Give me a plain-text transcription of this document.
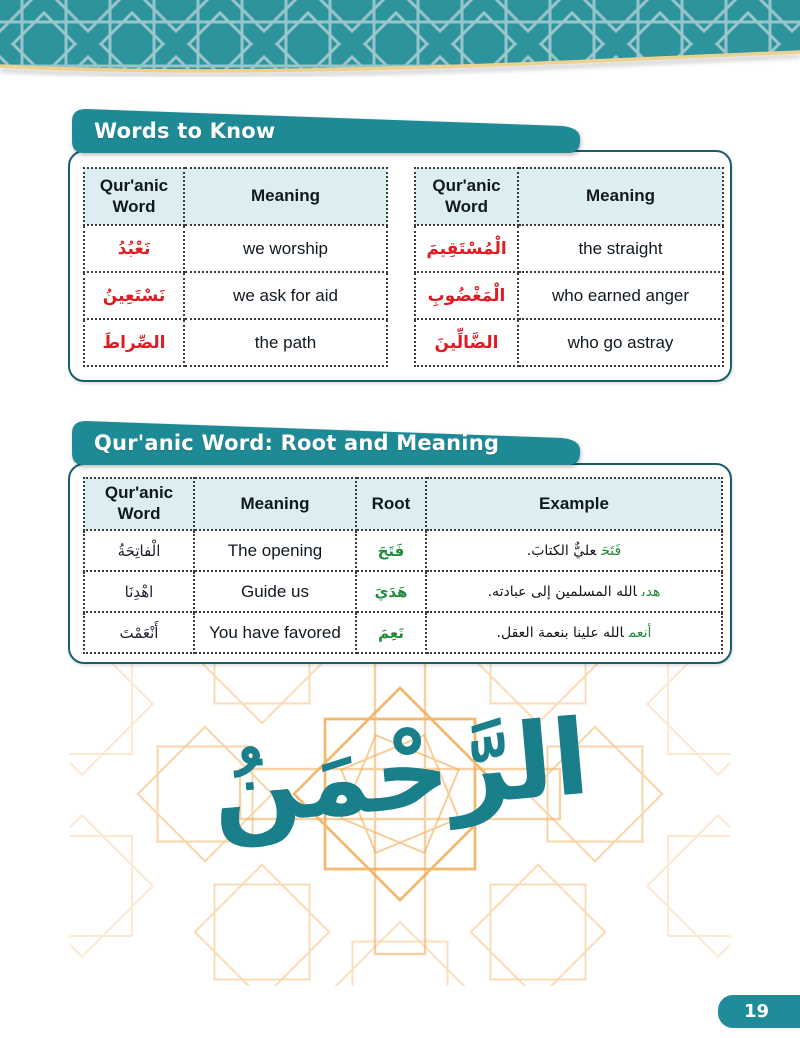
Words to Know
Qur'anic Word	Meaning
نَعْبُدُ	we worship
نَسْتَعِينُ	we ask for aid
الصِّراطَ	the path
Qur'anic Word	Meaning
الْمُسْتَقِيمَ	the straight
الْمَغْضُوبِ	who earned anger
الضَّالِّينَ	who go astray
Qur'anic Word: Root and Meaning
Qur'anic Word	Meaning	Root	Example
الْفاتِحَةُ	The opening	فَتَحَ	فَتَحَعليٌّ الكتابَ.
اهْدِنَا	Guide us	هَدَيَ	هدىالله المسلمين إلى عبادته.
أَنْعَمْتَ	You have favored	نَعِمَ	أنعمالله علينا بنعمة العقل.
الرَّحْمَنُ
19
